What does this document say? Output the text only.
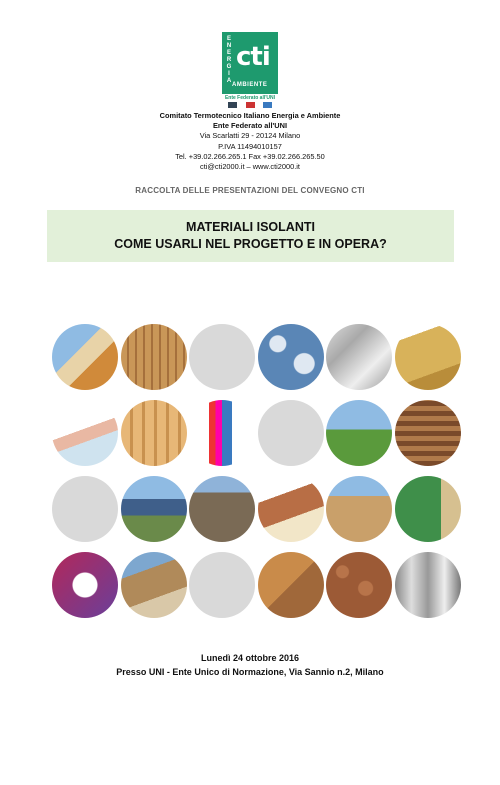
E
N
E
R
G
I
A
cti
AMBIENTE
Ente Federato all'UNI
Comitato Termotecnico Italiano Energia e Ambiente
Ente Federato all'UNI
Via Scarlatti 29 - 20124 Milano
P.IVA 11494010157
Tel. +39.02.266.265.1 Fax +39.02.266.265.50
cti@cti2000.it – www.cti2000.it
RACCOLTA DELLE PRESENTAZIONI DEL CONVEGNO CTI
MATERIALI ISOLANTI
COME USARLI NEL PROGETTO E IN OPERA?
Lunedì 24 ottobre 2016
Presso UNI - Ente Unico di Normazione, Via Sannio n.2, Milano
